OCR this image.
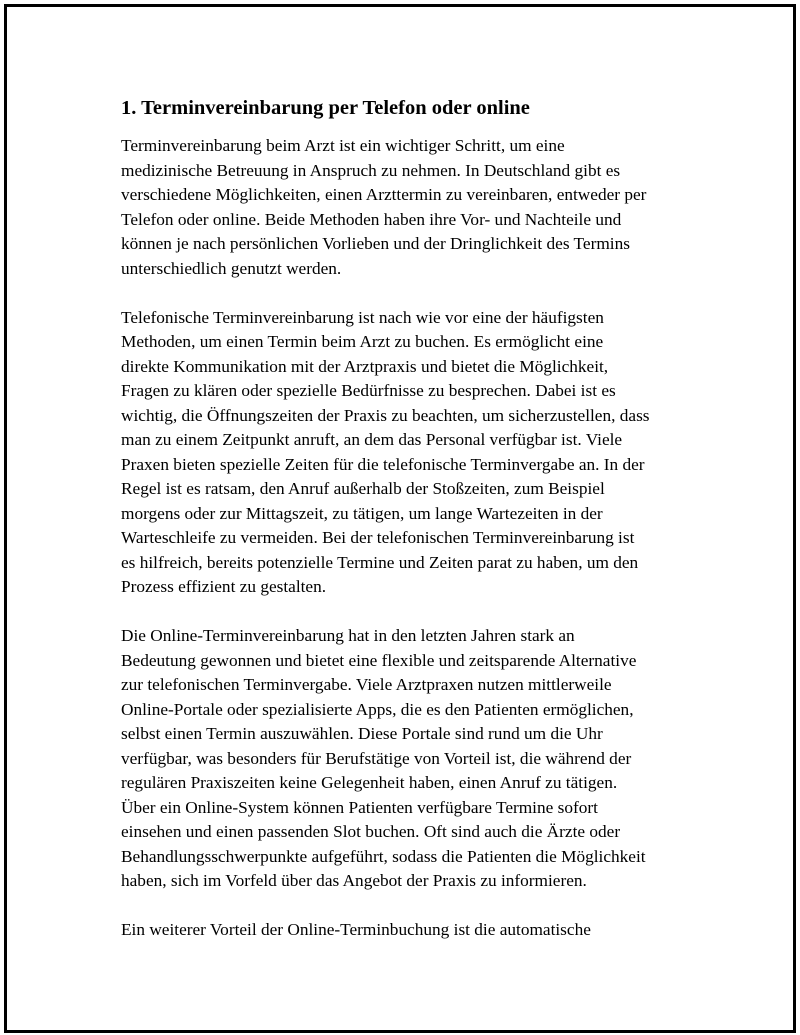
1. Terminvereinbarung per Telefon oder online

Terminvereinbarung beim Arzt ist ein wichtiger Schritt, um eine
medizinische Betreuung in Anspruch zu nehmen. In Deutschland gibt es
verschiedene Möglichkeiten, einen Arzttermin zu vereinbaren, entweder per
Telefon oder online. Beide Methoden haben ihre Vor- und Nachteile und
können je nach persönlichen Vorlieben und der Dringlichkeit des Termins
unterschiedlich genutzt werden.

Telefonische Terminvereinbarung ist nach wie vor eine der häufigsten
Methoden, um einen Termin beim Arzt zu buchen. Es ermöglicht eine
direkte Kommunikation mit der Arztpraxis und bietet die Möglichkeit,
Fragen zu klären oder spezielle Bedürfnisse zu besprechen. Dabei ist es
wichtig, die Öffnungszeiten der Praxis zu beachten, um sicherzustellen, dass
man zu einem Zeitpunkt anruft, an dem das Personal verfügbar ist. Viele
Praxen bieten spezielle Zeiten für die telefonische Terminvergabe an. In der
Regel ist es ratsam, den Anruf außerhalb der Stoßzeiten, zum Beispiel
morgens oder zur Mittagszeit, zu tätigen, um lange Wartezeiten in der
Warteschleife zu vermeiden. Bei der telefonischen Terminvereinbarung ist
es hilfreich, bereits potenzielle Termine und Zeiten parat zu haben, um den
Prozess effizient zu gestalten.

Die Online-Terminvereinbarung hat in den letzten Jahren stark an
Bedeutung gewonnen und bietet eine flexible und zeitsparende Alternative
zur telefonischen Terminvergabe. Viele Arztpraxen nutzen mittlerweile
Online-Portale oder spezialisierte Apps, die es den Patienten ermöglichen,
selbst einen Termin auszuwählen. Diese Portale sind rund um die Uhr
verfügbar, was besonders für Berufstätige von Vorteil ist, die während der
regulären Praxiszeiten keine Gelegenheit haben, einen Anruf zu tätigen.
Über ein Online-System können Patienten verfügbare Termine sofort
einsehen und einen passenden Slot buchen. Oft sind auch die Ärzte oder
Behandlungsschwerpunkte aufgeführt, sodass die Patienten die Möglichkeit
haben, sich im Vorfeld über das Angebot der Praxis zu informieren.

Ein weiterer Vorteil der Online-Terminbuchung ist die automatische
